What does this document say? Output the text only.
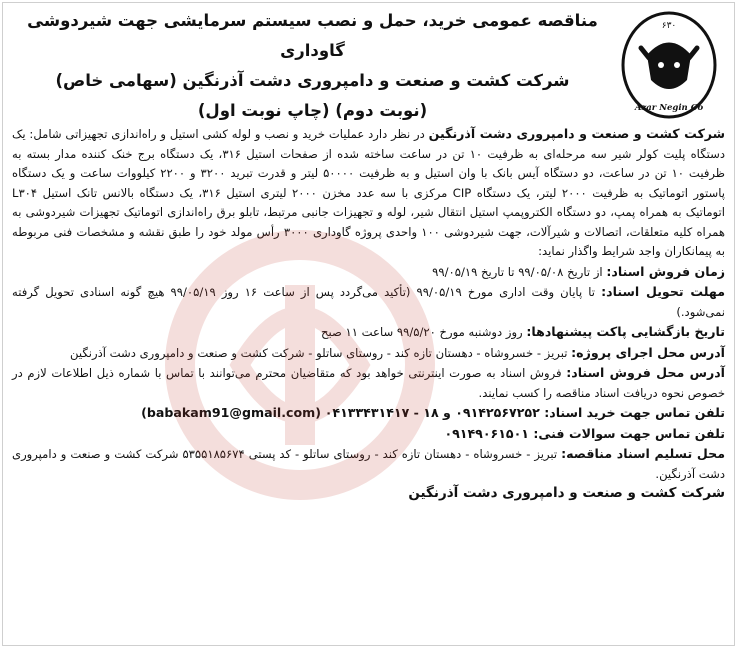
۶۳۰
Azar Negin Co
مناقصه عمومی خرید، حمل و نصب سیستم سرمایشی جهت شیردوشی گاوداری
شرکت کشت و صنعت و دامپروری دشت آذرنگین (سهامی خاص)
(نوبت دوم) (چاپ نوبت اول)

شرکت کشت و صنعت و دامپروری دشت آذرنگین در نظر دارد عملیات خرید و نصب و لوله کشی استیل و راه‌اندازی تجهیزاتی شامل: یک دستگاه پلیت کولر شیر سه مرحله‌ای به ظرفیت ۱۰ تن در ساعت ساخته شده از صفحات استیل ۳۱۶، یک دستگاه برج خنک کننده مدار بسته به ظرفیت ۱۰ تن در ساعت، دو دستگاه آیس بانک با وان استیل و به ظرفیت ۵۰۰۰۰ لیتر و قدرت تبرید ۳۲۰۰ و ۲۲۰۰ کیلووات ساعت و یک دستگاه پاستور اتوماتیک به ظرفیت ۲۰۰۰ لیتر، یک دستگاه CIP مرکزی با سه عدد مخزن ۲۰۰۰ لیتری استیل ۳۱۶، یک دستگاه بالانس تانک استیل L۳۰۴ اتوماتیک به همراه پمپ، دو دستگاه الکتروپمپ استیل انتقال شیر، لوله و تجهیزات جانبی مرتبط، تابلو برق راه‌اندازی اتوماتیک تجهیزات شیردوشی به همراه کلیه متعلقات، اتصالات و شیرآلات، جهت شیردوشی ۱۰۰ واحدی پروژه گاوداری ۳۰۰۰ رأس مولد خود را طبق نقشه و مشخصات فنی مربوطه به پیمانکاران واجد شرایط واگذار نماید:

زمان فروش اسناد: از تاریخ ۹۹/۰۵/۰۸ تا تاریخ ۹۹/۰۵/۱۹

مهلت تحویل اسناد: تا پایان وقت اداری مورخ ۹۹/۰۵/۱۹ (تأکید می‌گردد پس از ساعت ۱۶ روز ۹۹/۰۵/۱۹ هیچ گونه اسنادی تحویل گرفته نمی‌شود.)

تاریخ بازگشایی پاکت پیشنهادها: روز دوشنبه مورخ ۹۹/۵/۲۰ ساعت ۱۱ صبح

آدرس محل اجرای پروژه: تبریز - خسروشاه - دهستان تازه کند - روستای ساتلو - شرکت کشت و صنعت و دامپروری دشت آذرنگین

آدرس محل فروش اسناد: فروش اسناد به صورت اینترنتی خواهد بود که متقاضیان محترم می‌توانند با تماس با شماره ذیل اطلاعات لازم در خصوص نحوه دریافت اسناد مناقصه را کسب نمایند.

تلفن تماس جهت خرید اسناد: ۰۹۱۴۲۵۶۷۲۵۲ و ۱۸ - ۰۴۱۳۳۴۳۱۴۱۷ (babakam91@gmail.com)

تلفن تماس جهت سوالات فنی: ۰۹۱۴۹۰۶۱۵۰۱

محل تسلیم اسناد مناقصه: تبریز - خسروشاه - دهستان تازه کند - روستای ساتلو - کد پستی ۵۳۵۵۱۸۵۶۷۴ شرکت کشت و صنعت و دامپروری دشت آذرنگین.

شرکت کشت و صنعت و دامپروری دشت آذرنگین
